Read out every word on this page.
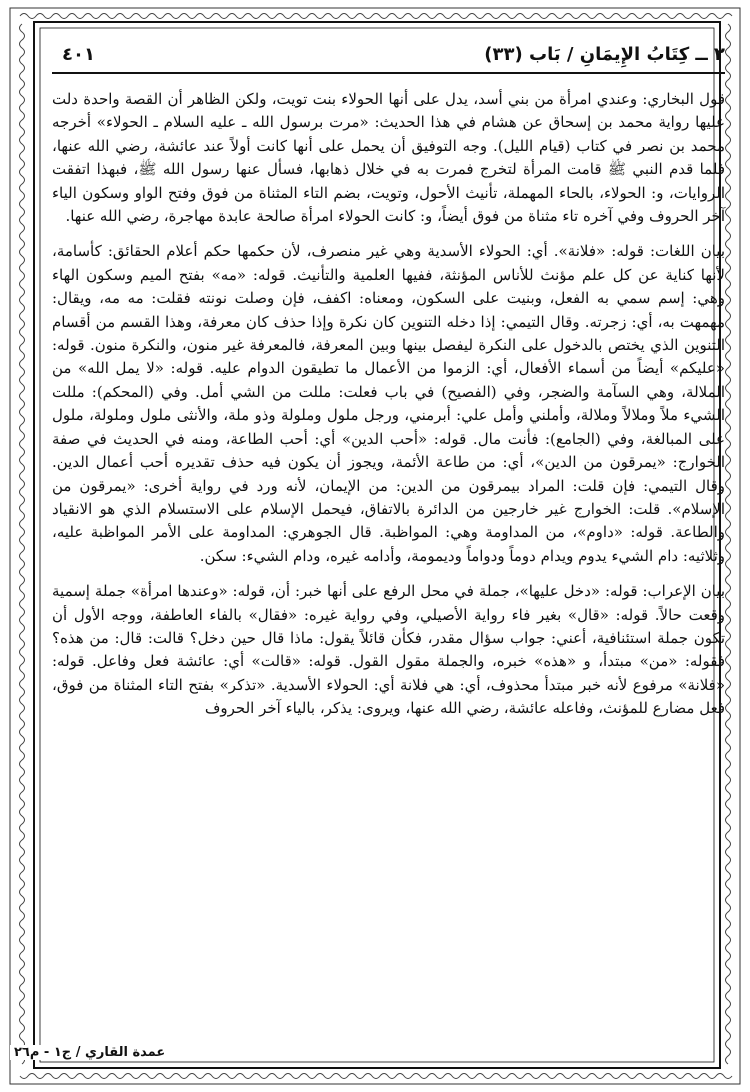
٢ ــ كِتَابُ الإِيمَانِ / بَاب (٣٣)
٤٠١

قول البخاري: وعندي امرأة من بني أسد، يدل على أنها الحولاء بنت تويت، ولكن الظاهر أن القصة واحدة دلت عليها رواية محمد بن إسحاق عن هشام في هذا الحديث: «مرت برسول الله ـ عليه السلام ـ الحولاء» أخرجه محمد بن نصر في كتاب (قيام الليل). وجه التوفيق أن يحمل على أنها كانت أولاً عند عائشة، رضي الله عنها، فلما قدم النبي ﷺ قامت المرأة لتخرج فمرت به في خلال ذهابها، فسأل عنها رسول الله ﷺ، فبهذا اتفقت الروايات، و: الحولاء، بالحاء المهملة، تأنيث الأحول، وتويت، بضم التاء المثناة من فوق وفتح الواو وسكون الياء آخر الحروف وفي آخره تاء مثناة من فوق أيضاً، و: كانت الحولاء امرأة صالحة عابدة مهاجرة، رضي الله عنها.

بيان اللغات: قوله: «فلانة». أي: الحولاء الأسدية وهي غير منصرف، لأن حكمها حكم أعلام الحقائق: كأسامة، لأنها كناية عن كل علم مؤنث للأناس المؤنثة، ففيها العلمية والتأنيث. قوله: «مه» بفتح الميم وسكون الهاء وهي: إسم سمي به الفعل، وبنيت على السكون، ومعناه: اكفف، فإن وصلت نونته فقلت: مه مه، ويقال: مهمهت به، أي: زجرته. وقال التيمي: إذا دخله التنوين كان نكرة وإذا حذف كان معرفة، وهذا القسم من أقسام التنوين الذي يختص بالدخول على النكرة ليفصل بينها وبين المعرفة، فالمعرفة غير منون، والنكرة منون. قوله: «عليكم» أيضاً من أسماء الأفعال، أي: الزموا من الأعمال ما تطيقون الدوام عليه. قوله: «لا يمل الله» من الملالة، وهي السآمة والضجر، وفي (الفصيح) في باب فعلت: مللت من الشي أمل. وفي (المحكم): مللت الشيء ملاً وملالاً وملالة، وأملني وأمل علي: أبرمني، ورجل ملول وملولة وذو ملة، والأنثى ملول وملولة، ملول على المبالغة، وفي (الجامع): فأنت مال. قوله: «أحب الدين» أي: أحب الطاعة، ومنه في الحديث في صفة الخوارج: «يمرقون من الدين»، أي: من طاعة الأئمة، ويجوز أن يكون فيه حذف تقديره أحب أعمال الدين. وقال التيمي: فإن قلت: المراد بيمرقون من الدين: من الإيمان، لأنه ورد في رواية أخرى: «يمرقون من الإسلام». قلت: الخوارج غير خارجين من الدائرة بالاتفاق، فيحمل الإسلام على الاستسلام الذي هو الانقياد والطاعة. قوله: «داوم»، من المداومة وهي: المواظبة. قال الجوهري: المداومة على الأمر المواظبة عليه، وثلاثيه: دام الشيء يدوم ويدام دوماً ودواماً وديمومة، وأدامه غيره، ودام الشيء: سكن.

بيان الإعراب: قوله: «دخل عليها»، جملة في محل الرفع على أنها خبر: أن، قوله: «وعندها امرأة» جملة إسمية وقعت حالاً. قوله: «قال» بغير فاء رواية الأصيلي، وفي رواية غيره: «فقال» بالفاء العاطفة، ووجه الأول أن تكون جملة استئنافية، أعني: جواب سؤال مقدر، فكأن قائلاً يقول: ماذا قال حين دخل؟ قالت: قال: من هذه؟ فقوله: «من» مبتدأ، و «هذه» خبره، والجملة مقول القول. قوله: «قالت» أي: عائشة فعل وفاعل. قوله: «فلانة» مرفوع لأنه خبر مبتدأ محذوف، أي: هي فلانة أي: الحولاء الأسدية. «تذكر» بفتح التاء المثناة من فوق، فعل مضارع للمؤنث، وفاعله عائشة، رضي الله عنها، ويروى: يذكر، بالياء آخر الحروف

عمدة القاري / ج١ - م٢٦
